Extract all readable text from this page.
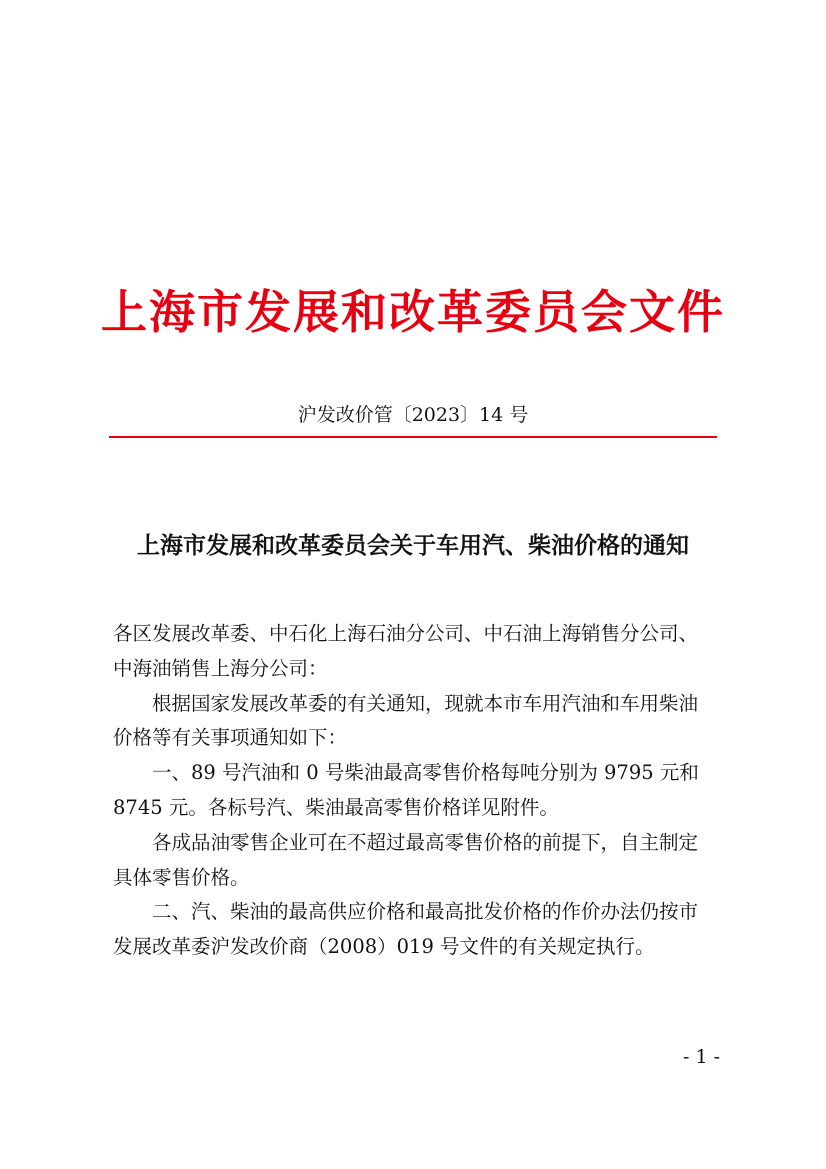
上海市发展和改革委员会文件
沪发改价管〔2023〕14 号
上海市发展和改革委员会关于车用汽、柴油价格的通知

各区发展改革委、中石化上海石油分公司、中石油上海销售分公司、中海油销售上海分公司：

根据国家发展改革委的有关通知，现就本市车用汽油和车用柴油价格等有关事项通知如下：

一、89 号汽油和 0 号柴油最高零售价格每吨分别为 9795 元和 8745 元。各标号汽、柴油最高零售价格详见附件。

各成品油零售企业可在不超过最高零售价格的前提下，自主制定具体零售价格。

二、汽、柴油的最高供应价格和最高批发价格的作价办法仍按市发展改革委沪发改价商（2008）019 号文件的有关规定执行。

- 1 -
